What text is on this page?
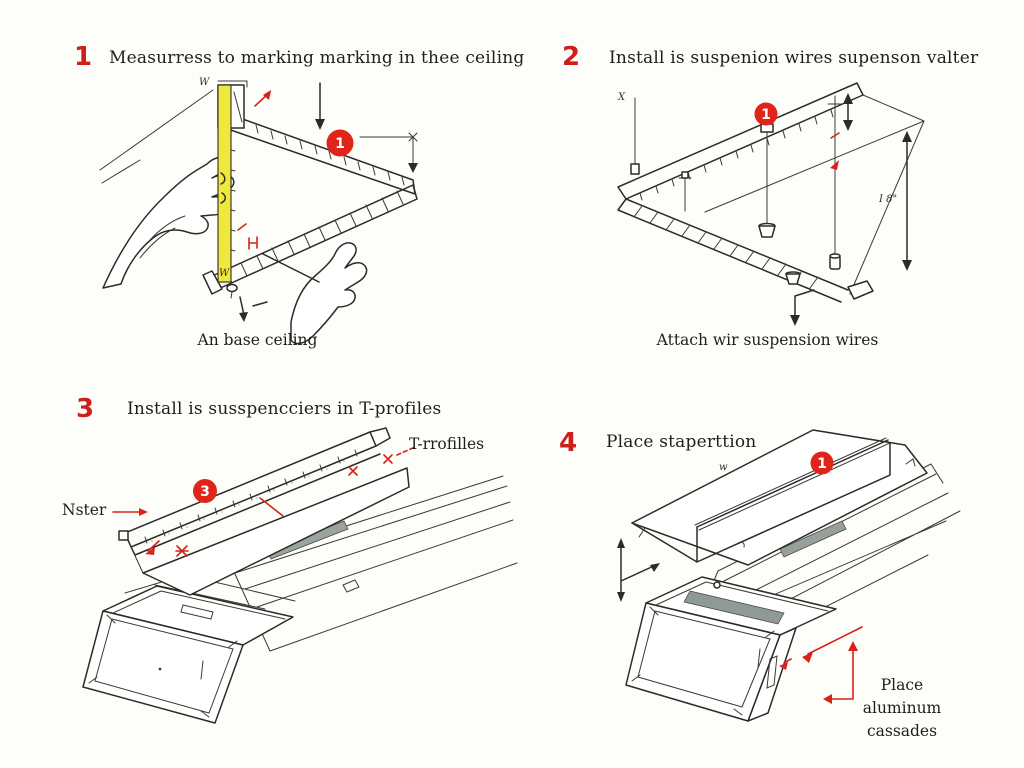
1 Measurress to marking marking in thee ceiling
W
W
1
An base ceiling
2 Install is suspenion wires supenson valter
X
I 8"
1
Attach wir suspension wires
3 Install is susspencciers in T-profiles
3
Nster
T-rrofilles	4 Place staperttion
w	1
Place
aluminum
cassades
